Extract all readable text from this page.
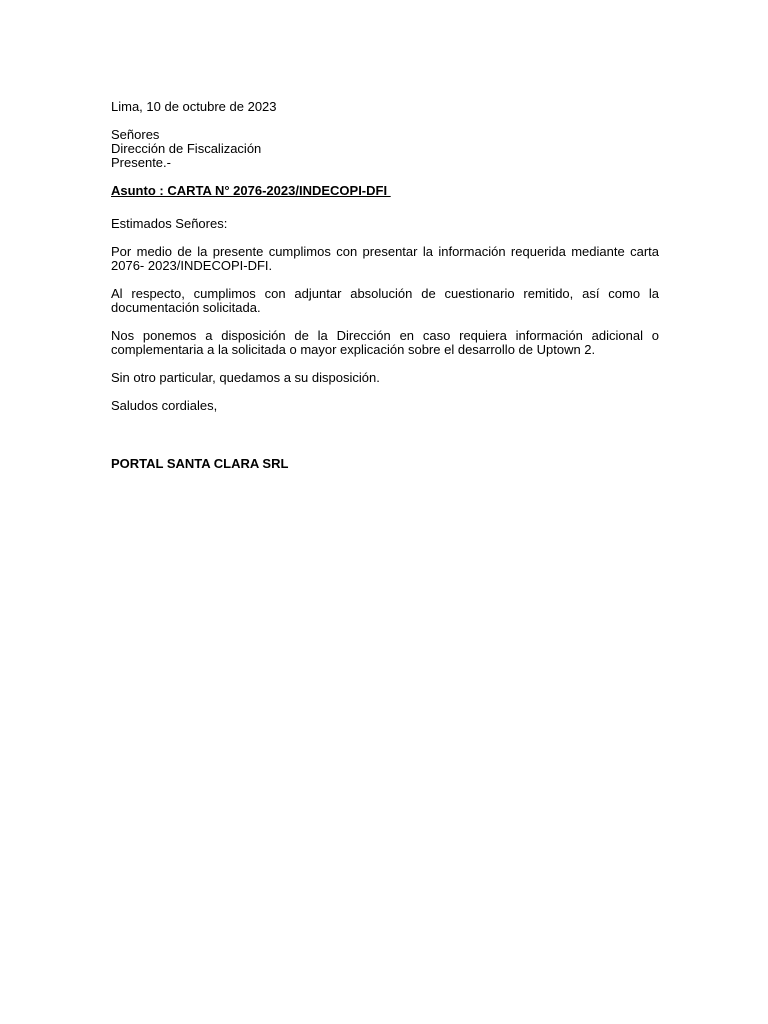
Lima, 10 de octubre de 2023
Señores
Dirección de Fiscalización
Presente.-
Asunto : CARTA N° 2076-2023/INDECOPI-DFI
Estimados Señores:
Por medio de la presente cumplimos con presentar la información requerida mediante carta 2076- 2023/INDECOPI-DFI.
Al respecto, cumplimos con adjuntar absolución de cuestionario remitido, así como la documentación solicitada.
Nos ponemos a disposición de la Dirección en caso requiera información adicional o  complementaria a la solicitada o mayor explicación sobre el desarrollo de Uptown 2.
Sin otro particular, quedamos a su disposición.
Saludos cordiales,
PORTAL SANTA CLARA SRL
